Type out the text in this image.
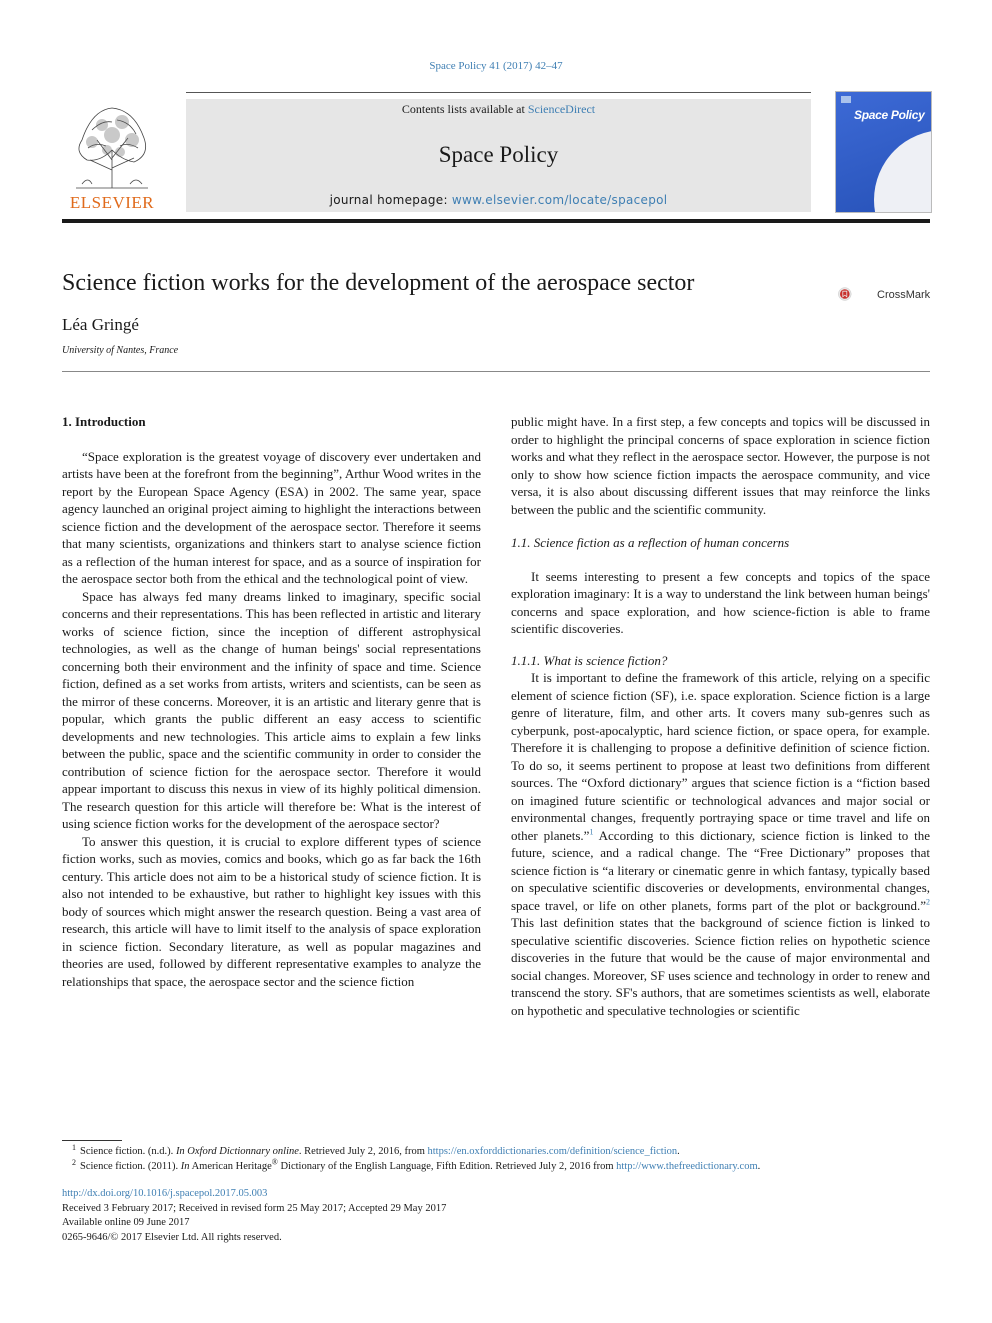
Space Policy 41 (2017) 42–47
ELSEVIER
Contents lists available at ScienceDirect
Space Policy
journal homepage: www.elsevier.com/locate/spacepol
Space Policy
Science fiction works for the development of the aerospace sector	CrossMark
Léa Gringé
University of Nantes, France
1. Introduction

“Space exploration is the greatest voyage of discovery ever undertaken and artists have been at the forefront from the beginning”, Arthur Wood writes in the report by the European Space Agency (ESA) in 2002. The same year, space agency launched an original project aiming to highlight the interactions between science fiction and the development of the aerospace sector. Therefore it seems that many scientists, organizations and thinkers start to analyse science fiction as a reflection of the human interest for space, and as a source of inspiration for the aerospace sector both from the ethical and the technological point of view.

Space has always fed many dreams linked to imaginary, specific social concerns and their representations. This has been reflected in artistic and literary works of science fiction, since the inception of different astrophysical technologies, as well as the change of human beings' social representations concerning both their environment and the infinity of space and time. Science fiction, defined as a set works from artists, writers and scientists, can be seen as the mirror of these concerns. Moreover, it is an artistic and literary genre that is popular, which grants the public different an easy access to scientific developments and new technologies. This article aims to explain a few links between the public, space and the scientific community in order to consider the contribution of science fiction for the aerospace sector. Therefore it would appear important to discuss this nexus in view of its highly political dimension. The research question for this article will therefore be: What is the interest of using science fiction works for the development of the aerospace sector?

To answer this question, it is crucial to explore different types of science fiction works, such as movies, comics and books, which go as far back the 16th century. This article does not aim to be a historical study of science fiction. It is also not intended to be exhaustive, but rather to highlight key issues with this body of sources which might answer the research question. Being a vast area of research, this article will have to limit itself to the analysis of space exploration in science fiction. Secondary literature, as well as popular magazines and theories are used, followed by different representative examples to analyze the relationships that space, the aerospace sector and the science fiction

public might have. In a first step, a few concepts and topics will be discussed in order to highlight the principal concerns of space exploration in science fiction works and what they reflect in the aerospace sector. However, the purpose is not only to show how science fiction impacts the aerospace community, and vice versa, it is also about discussing different issues that may reinforce the links between the public and the scientific community.

1.1. Science fiction as a reflection of human concerns

It seems interesting to present a few concepts and topics of the space exploration imaginary: It is a way to understand the link between human beings' concerns and space exploration, and how science-fiction is able to frame scientific discoveries.

1.1.1. What is science fiction?

It is important to define the framework of this article, relying on a specific element of science fiction (SF), i.e. space exploration. Science fiction is a large genre of literature, film, and other arts. It covers many sub-genres such as cyberpunk, post-apocalyptic, hard science fiction, or space opera, for example. Therefore it is challenging to propose a definitive definition of science fiction. To do so, it seems pertinent to propose at least two definitions from different sources. The “Oxford dictionary” argues that science fiction is a “fiction based on imagined future scientific or technological advances and major social or environmental changes, frequently portraying space or time travel and life on other planets.”$^1$ According to this dictionary, science fiction is linked to the future, science, and a radical change. The “Free Dictionary” proposes that science fiction is “a literary or cinematic genre in which fantasy, typically based on speculative scientific discoveries or developments, environmental changes, space travel, or life on other planets, forms part of the plot or background.”$^2$ This last definition states that the background of science fiction is linked to speculative scientific discoveries. Science fiction relies on hypothetic science discoveries in the future that would be the cause of major environmental and social changes. Moreover, SF uses science and technology in order to renew and transcend the story. SF's authors, that are sometimes scientists as well, elaborate on hypothetic and speculative technologies or scientific

$^1$ Science fiction. (n.d.). In Oxford Dictionnary online. Retrieved July 2, 2016, from https://en.oxforddictionaries.com/definition/science_fiction.
$^2$ Science fiction. (2011). In American Heritage® Dictionary of the English Language, Fifth Edition. Retrieved July 2, 2016 from http://www.thefreedictionary.com.
http://dx.doi.org/10.1016/j.spacepol.2017.05.003
Received 3 February 2017; Received in revised form 25 May 2017; Accepted 29 May 2017
Available online 09 June 2017
0265-9646/© 2017 Elsevier Ltd. All rights reserved.
